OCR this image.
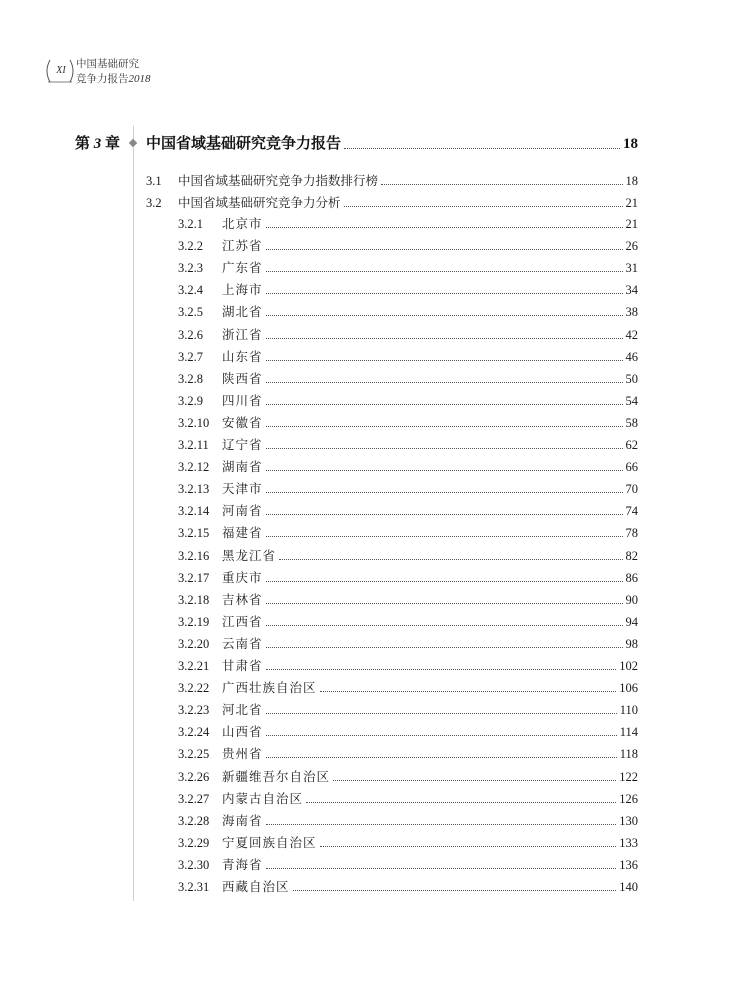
XI
中国基础研究
竞争力报告2018
第 3 章	中国省域基础研究竞争力报告	18
3.1	中国省域基础研究竞争力指数排行榜	18
3.2	中国省域基础研究竞争力分析	21
3.2.1	北京市	21
3.2.2	江苏省	26
3.2.3	广东省	31
3.2.4	上海市	34
3.2.5	湖北省	38
3.2.6	浙江省	42
3.2.7	山东省	46
3.2.8	陕西省	50
3.2.9	四川省	54
3.2.10	安徽省	58
3.2.11	辽宁省	62
3.2.12	湖南省	66
3.2.13	天津市	70
3.2.14	河南省	74
3.2.15	福建省	78
3.2.16	黑龙江省	82
3.2.17	重庆市	86
3.2.18	吉林省	90
3.2.19	江西省	94
3.2.20	云南省	98
3.2.21	甘肃省	102
3.2.22	广西壮族自治区	106
3.2.23	河北省	110
3.2.24	山西省	114
3.2.25	贵州省	118
3.2.26	新疆维吾尔自治区	122
3.2.27	内蒙古自治区	126
3.2.28	海南省	130
3.2.29	宁夏回族自治区	133
3.2.30	青海省	136
3.2.31	西藏自治区	140
